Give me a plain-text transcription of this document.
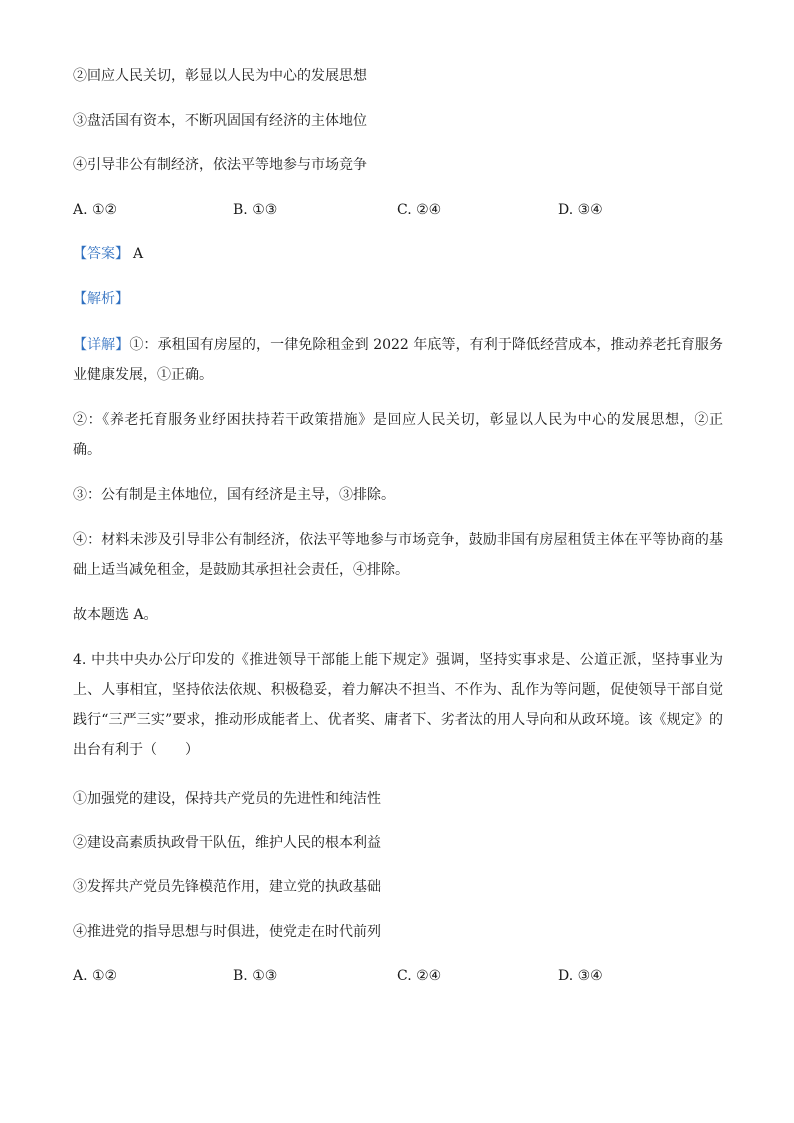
②回应人民关切，彰显以人民为中心的发展思想
③盘活国有资本，不断巩固国有经济的主体地位
④引导非公有制经济，依法平等地参与市场竞争
A. ①②	B. ①③	C. ②④	D. ③④
【答案】 A
【解析】
【详解】①：承租国有房屋的，一律免除租金到 2022 年底等，有利于降低经营成本，推动养老托育服务业健康发展，①正确。
②：《养老托育服务业纾困扶持若干政策措施》是回应人民关切，彰显以人民为中心的发展思想，②正确。
③：公有制是主体地位，国有经济是主导，③排除。
④：材料未涉及引导非公有制经济，依法平等地参与市场竞争，鼓励非国有房屋租赁主体在平等协商的基础上适当减免租金，是鼓励其承担社会责任，④排除。
故本题选 A。
4. 中共中央办公厅印发的《推进领导干部能上能下规定》强调，坚持实事求是、公道正派，坚持事业为上、人事相宜，坚持依法依规、积极稳妥，着力解决不担当、不作为、乱作为等问题，促使领导干部自觉践行“三严三实”要求，推动形成能者上、优者奖、庸者下、劣者汰的用人导向和从政环境。该《规定》的出台有利于（　　）
①加强党的建设，保持共产党员的先进性和纯洁性
②建设高素质执政骨干队伍，维护人民的根本利益
③发挥共产党员先锋模范作用，建立党的执政基础
④推进党的指导思想与时俱进，使党走在时代前列
A. ①②	B. ①③	C. ②④	D. ③④
